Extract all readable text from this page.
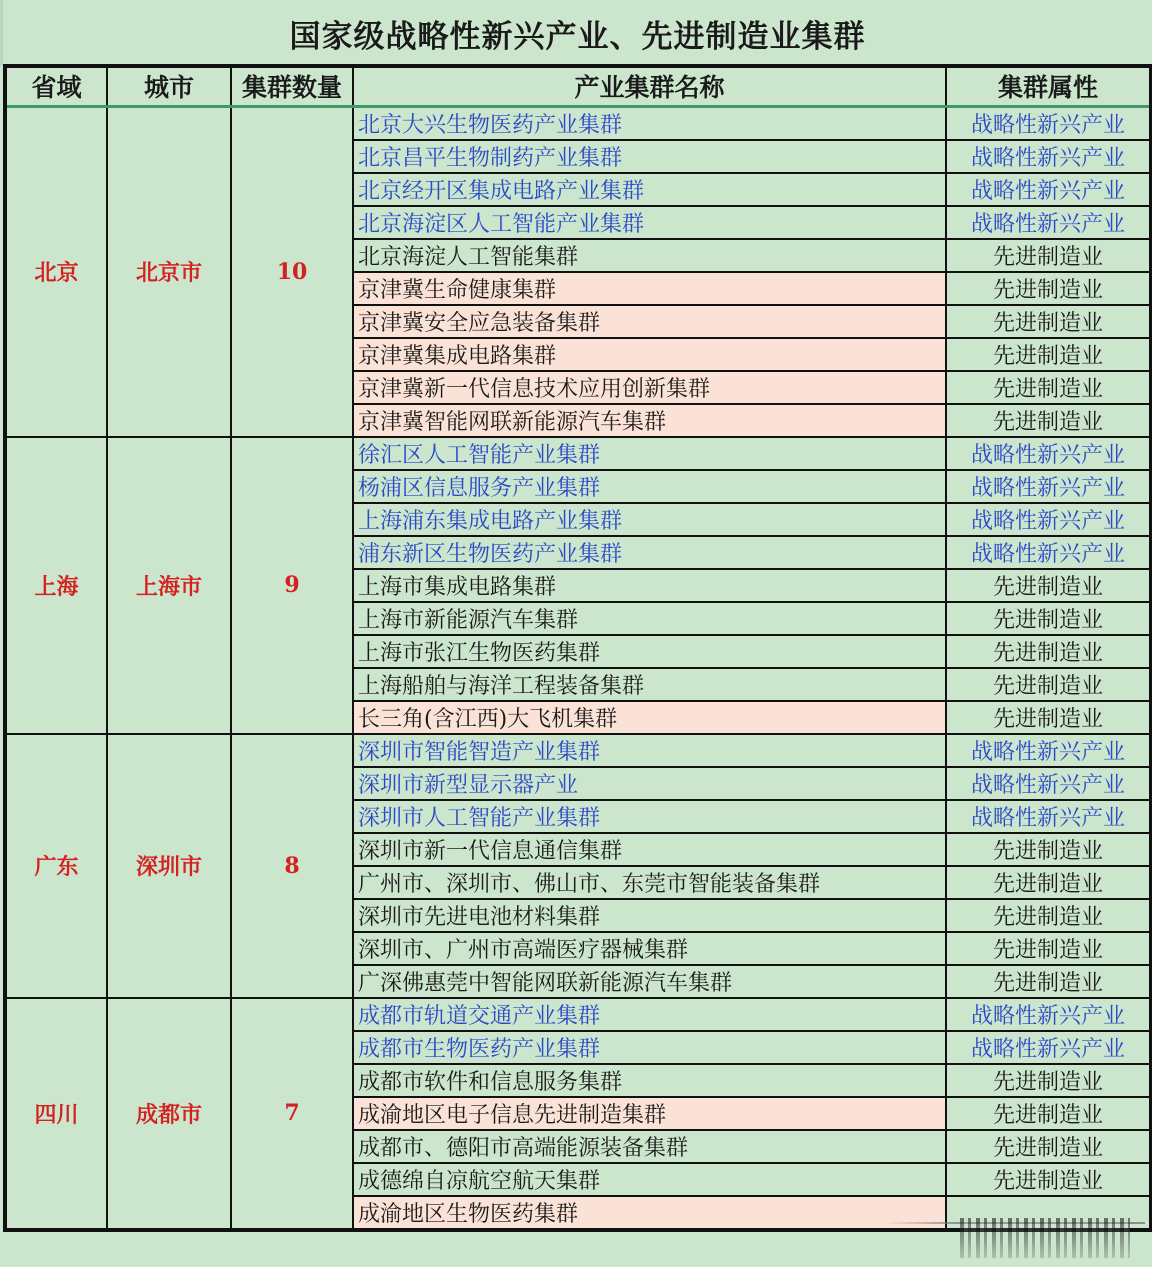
国家级战略性新兴产业、先进制造业集群
省域	城市	集群数量	产业集群名称	集群属性
北京	北京市	10	北京大兴生物医药产业集群	战略性新兴产业
			北京昌平生物制药产业集群	战略性新兴产业
			北京经开区集成电路产业集群	战略性新兴产业
			北京海淀区人工智能产业集群	战略性新兴产业
			北京海淀人工智能集群	先进制造业
			京津冀生命健康集群	先进制造业
			京津冀安全应急装备集群	先进制造业
			京津冀集成电路集群	先进制造业
			京津冀新一代信息技术应用创新集群	先进制造业
			京津冀智能网联新能源汽车集群	先进制造业
上海	上海市	9	徐汇区人工智能产业集群	战略性新兴产业
			杨浦区信息服务产业集群	战略性新兴产业
			上海浦东集成电路产业集群	战略性新兴产业
			浦东新区生物医药产业集群	战略性新兴产业
			上海市集成电路集群	先进制造业
			上海市新能源汽车集群	先进制造业
			上海市张江生物医药集群	先进制造业
			上海船舶与海洋工程装备集群	先进制造业
			长三角(含江西)大飞机集群	先进制造业
广东	深圳市	8	深圳市智能智造产业集群	战略性新兴产业
			深圳市新型显示器产业	战略性新兴产业
			深圳市人工智能产业集群	战略性新兴产业
			深圳市新一代信息通信集群	先进制造业
			广州市、深圳市、佛山市、东莞市智能装备集群	先进制造业
			深圳市先进电池材料集群	先进制造业
			深圳市、广州市高端医疗器械集群	先进制造业
			广深佛惠莞中智能网联新能源汽车集群	先进制造业
四川	成都市	7	成都市轨道交通产业集群	战略性新兴产业
			成都市生物医药产业集群	战略性新兴产业
			成都市软件和信息服务集群	先进制造业
			成渝地区电子信息先进制造集群	先进制造业
			成都市、德阳市高端能源装备集群	先进制造业
			成德绵自凉航空航天集群	先进制造业
			成渝地区生物医药集群	
